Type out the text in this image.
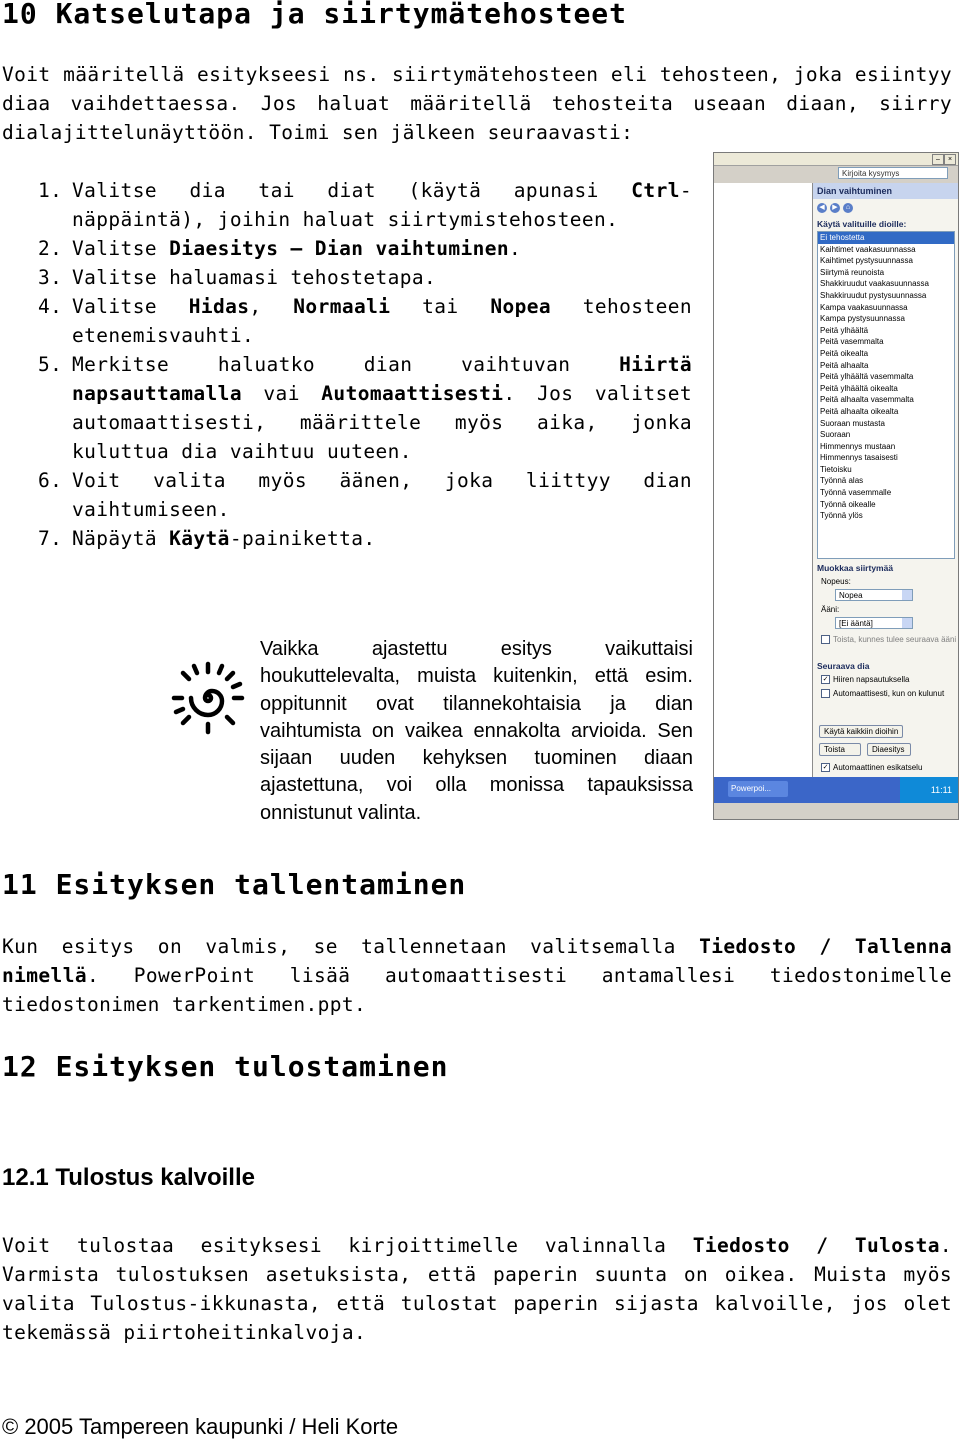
10 Katselutapa ja siirtymätehosteet
Voit määritellä esitykseesi ns. siirtymätehosteen eli tehosteen, joka esiintyy diaa vaihdettaessa. Jos haluat määritellä tehosteita useaan diaan, siirry dialajittelunäyttöön. Toimi sen jälkeen seuraavasti:
1. Valitse dia tai diat (käytä apunasi Ctrl-näppäintä), joihin haluat siirtymistehosteen.
2. Valitse Diaesitys – Dian vaihtuminen.
3. Valitse haluamasi tehostetapa.
4. Valitse Hidas, Normaali tai Nopea tehosteen etenemisvauhti.
5. Merkitse haluatko dian vaihtuvan Hiirtä napsauttamalla vai Automaattisesti. Jos valitset automaattisesti, määrittele myös aika, jonka kuluttua dia vaihtuu uuteen.
6. Voit valita myös äänen, joka liittyy dian vaihtumiseen.
7. Näpäytä Käytä-painiketta.
Vaikka ajastettu esitys vaikuttaisi houkuttelevalta, muista kuitenkin, että esim. oppitunnit ovat tilannekohtaisia ja dian vaihtumista on vaikea ennakolta arvioida. Sen sijaan uuden kehyksen tuominen diaan ajastettuna, voi olla monissa tapauksissa onnistunut valinta.
–	×
Kirjoita kysymys
Dian vaihtuminen
◀	▶	⌂
Käytä valituille dioille:
Ei tehostetta
Kaihtimet vaakasuunnassa
Kaihtimet pystysuunnassa
Siirtymä reunoista
Shakkiruudut vaakasuunnassa
Shakkiruudut pystysuunnassa
Kampa vaakasuunnassa
Kampa pystysuunnassa
Peitä ylhäältä
Peitä vasemmalta
Peitä oikealta
Peitä alhaalta
Peitä ylhäältä vasemmalta
Peitä ylhäältä oikealta
Peitä alhaalta vasemmalta
Peitä alhaalta oikealta
Suoraan mustasta
Suoraan
Himmennys mustaan
Himmennys tasaisesti
Tietoisku
Työnnä alas
Työnnä vasemmalle
Työnnä oikealle
Työnnä ylös
Muokkaa siirtymää
Nopeus:
Nopea
Ääni:
[Ei ääntä]
Toista, kunnes tulee seuraava ääni
Seuraava dia
✓ Hiiren napsautuksella
Automaattisesti, kun on kulunut
Käytä kaikkiin dioihin
Toista	Diaesitys
✓ Automaattinen esikatselu
Powerpoi...	11:11
11 Esityksen tallentaminen
Kun esitys on valmis, se tallennetaan valitsemalla Tiedosto / Tallenna nimellä. PowerPoint lisää automaattisesti antamallesi tiedostonimelle tiedostonimen tarkentimen.ppt.
12 Esityksen tulostaminen
12.1 Tulostus kalvoille
Voit tulostaa esityksesi kirjoittimelle valinnalla Tiedosto / Tulosta. Varmista tulostuksen asetuksista, että paperin suunta on oikea. Muista myös valita Tulostus-ikkunasta, että tulostat paperin sijasta kalvoille, jos olet tekemässä piirtoheitinkalvoja.
© 2005 Tampereen kaupunki / Heli Korte
